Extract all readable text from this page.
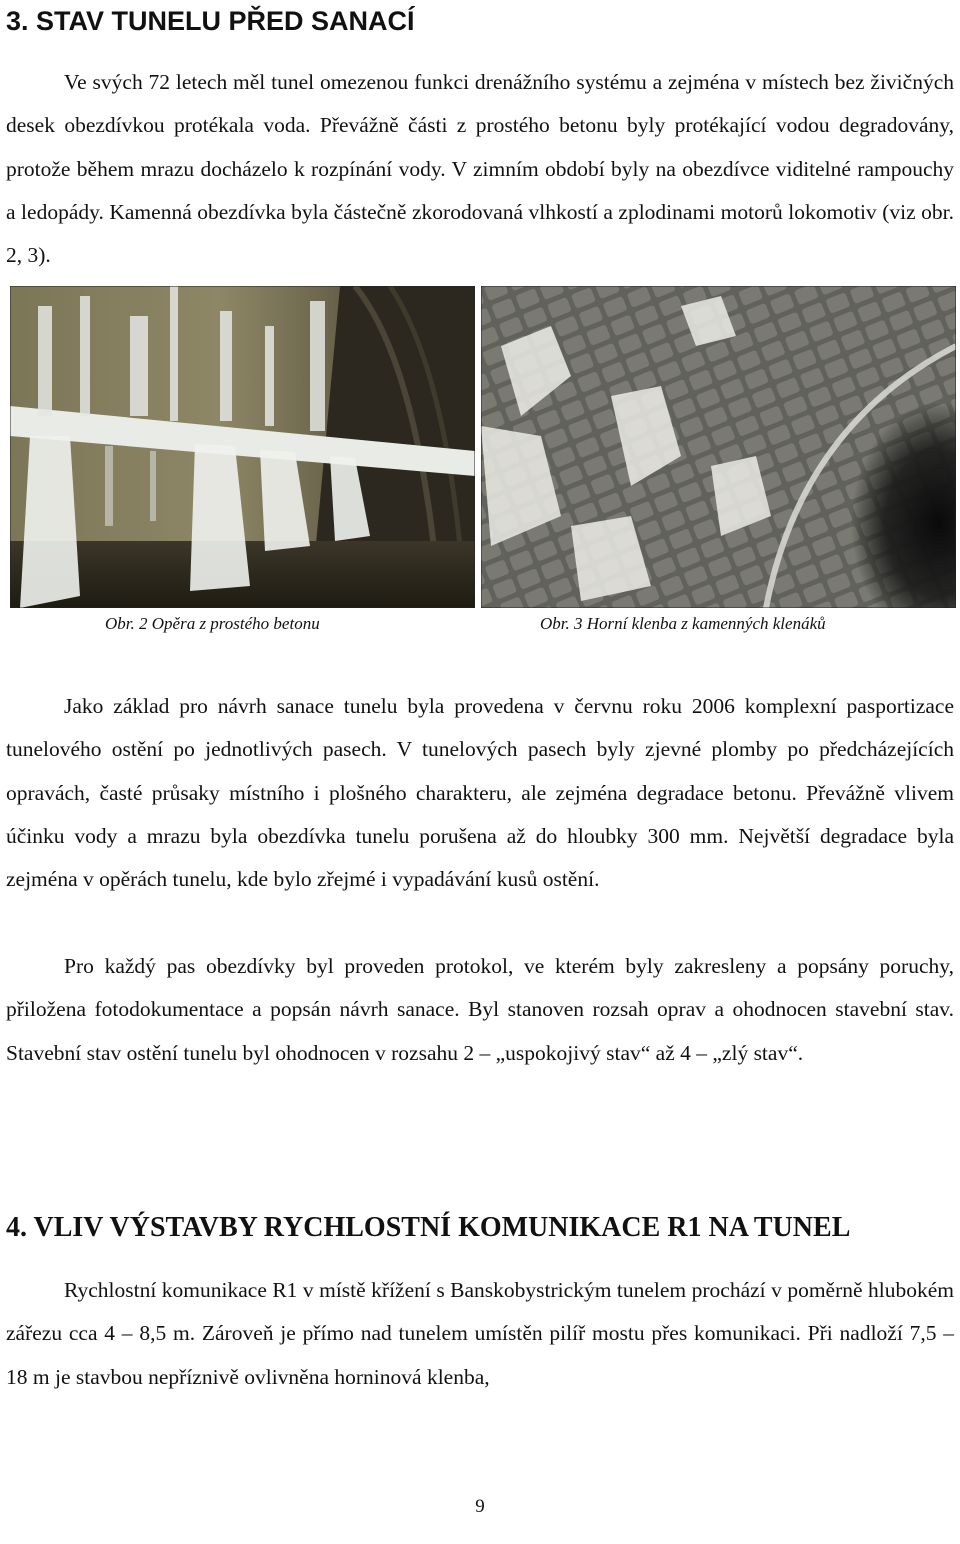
3. STAV TUNELU PŘED SANACÍ

Ve svých 72 letech měl tunel omezenou funkci drenážního systému a zejména v místech bez živičných desek obezdívkou protékala voda. Převážně části z prostého betonu byly protékající vodou degradovány, protože během mrazu docházelo k rozpínání vody. V zimním období byly na obezdívce viditelné rampouchy a ledopády. Kamenná obezdívka byla částečně zkorodovaná vlhkostí a zplodinami motorů lokomotiv (viz obr. 2, 3).

Obr. 2 Opěra z prostého betonu	Obr. 3 Horní klenba z kamenných klenáků

Jako základ pro návrh sanace tunelu byla provedena v červnu roku 2006 komplexní pasportizace tunelového ostění po jednotlivých pasech. V tunelových pasech byly zjevné plomby po předcházejících opravách, časté průsaky místního i plošného charakteru, ale zejména degradace betonu. Převážně vlivem účinku vody a mrazu byla obezdívka tunelu porušena až do hloubky 300 mm. Největší degradace byla zejména v opěrách tunelu, kde bylo zřejmé i vypadávání kusů ostění.

Pro každý pas obezdívky byl proveden protokol, ve kterém byly zakresleny a popsány poruchy, přiložena fotodokumentace a popsán návrh sanace. Byl stanoven rozsah oprav a ohodnocen stavební stav. Stavební stav ostění tunelu byl ohodnocen v rozsahu 2 – „uspokojivý stav“ až 4 – „zlý stav“.

4. VLIV VÝSTAVBY RYCHLOSTNÍ KOMUNIKACE R1 NA TUNEL

Rychlostní komunikace R1 v místě křížení s Banskobystrickým tunelem prochází v poměrně hlubokém zářezu cca 4 – 8,5 m. Zároveň je přímo nad tunelem umístěn pilíř mostu přes komunikaci. Při nadloží 7,5 – 18 m je stavbou nepříznivě ovlivněna horninová klenba,

9
